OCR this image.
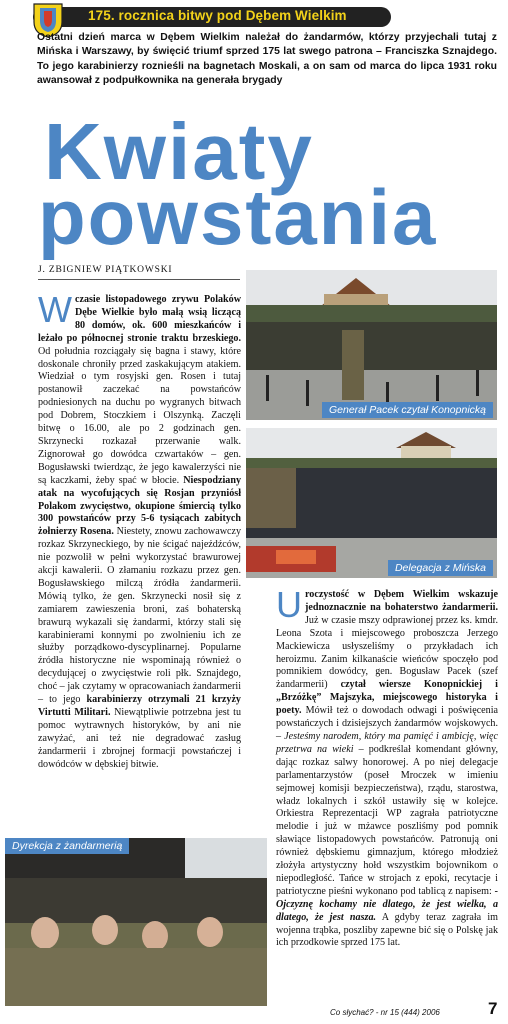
175. rocznica bitwy pod Dębem Wielkim
Ostatni dzień marca w Dębem Wielkim należał do żandarmów, którzy przyjechali tutaj z Mińska i Warszawy, by święcić triumf sprzed 175 lat swego patrona – Franciszka Sznajdego. To jego karabinierzy roznieśli na bagnetach Moskali, a on sam od marca do lipca 1931 roku awansował z podpułkownika na generała brygady
Kwiaty
powstania
J. ZBIGNIEW PIĄTKOWSKI

W czasie listopadowego zrywu Polaków Dębe Wielkie było małą wsią liczącą 80 domów, ok. 600 mieszkańców i leżało po północnej stronie traktu brzeskiego. Od południa rozciągały się bagna i stawy, które doskonale chroniły przed zaskakującym atakiem. Wiedział o tym rosyjski gen. Rosen i tutaj postanowił zaczekać na powstańców podniesionych na duchu po wygranych bitwach pod Dobrem, Stoczkiem i Olszynką. Zaczęli bitwę o 16.00, ale po 2 godzinach gen. Skrzynecki rozkazał przerwanie walk. Zignorował go dowódca czwartaków – gen. Bogusławski twierdząc, że jego kawalerzyści nie są kaczkami, żeby spać w błocie. Niespodziany atak na wycofujących się Rosjan przyniósł Polakom zwycięstwo, okupione śmiercią tylko 300 powstańców przy 5-6 tysiącach zabitych żołnierzy Rosena. Niestety, znowu zachowawczy rozkaz Skrzyneckiego, by nie ścigać najeźdźców, nie pozwolił w pełni wykorzystać brawurowej akcji kawalerii. O złamaniu rozkazu przez gen. Bogusławskiego milczą źródła żandarmerii. Mówią tylko, że gen. Skrzynecki nosił się z zamiarem zawieszenia broni, zaś bohaterską brawurą wykazali się żandarmi, którzy stali się karabinierami konnymi po zwolnieniu ich ze służby porządkowo-dyscyplinarnej. Popularne źródła historyczne nie wspominają również o decydującej o zwycięstwie roli płk. Sznajdego, choć – jak czytamy w opracowaniach żandarmerii – to jego karabinierzy otrzymali 21 krzyży Virtutti Militari. Niewątpliwie potrzebna jest tu pomoc wytrawnych historyków, by ani nie zawyżać, ani też nie degradować zasług żandarmerii i zbrojnej formacji powstańczej i dowódców w dębskiej bitwie.

Generał Pacek czytał Konopnicką
Delegacja z Mińska

U roczystość w Dębem Wielkim wskazuje jednoznacznie na bohaterstwo żandarmerii. Już w czasie mszy odprawionej przez ks. kmdr. Leona Szota i miejscowego proboszcza Jerzego Mackiewicza usłyszeliśmy o przykładach ich heroizmu. Zanim kilkanaście wieńców spoczęło pod pomnikiem dowódcy, gen. Bogusław Pacek (szef żandarmerii) czytał wiersze Konopnickiej i „Brzóżkę” Majszyka, miejscowego historyka i poety. Mówił też o dowodach odwagi i poświęcenia powstańczych i dzisiejszych żandarmów wojskowych. – Jesteśmy narodem, który ma pamięć i ambicję, więc przetrwa na wieki – podkreślał komendant główny, dając rozkaz salwy honorowej. A po niej delegacje parlamentarzystów (poseł Mroczek w imieniu sejmowej komisji bezpieczeństwa), rządu, starostwa, władz lokalnych i szkół ustawiły się w kolejce. Orkiestra Reprezentacji WP zagrała patriotyczne melodie i już w mżawce poszliśmy pod pomnik sławiące listopadowych powstańców. Patronują oni również dębskiemu gimnazjum, którego młodzież złożyła artystyczny hołd wszystkim bojownikom o niepodległość. Tańce w strojach z epoki, recytacje i patriotyczne pieśni wykonano pod tablicą z napisem: - Ojczyznę kochamy nie dlatego, że jest wielka, a dlatego, że jest nasza. A gdyby teraz zagrała im wojenna trąbka, poszliby zapewne bić się o Polskę jak ich przodkowie sprzed 175 lat.

Dyrekcja z żandarmerią
Co słychać? - nr 15 (444) 2006	7
